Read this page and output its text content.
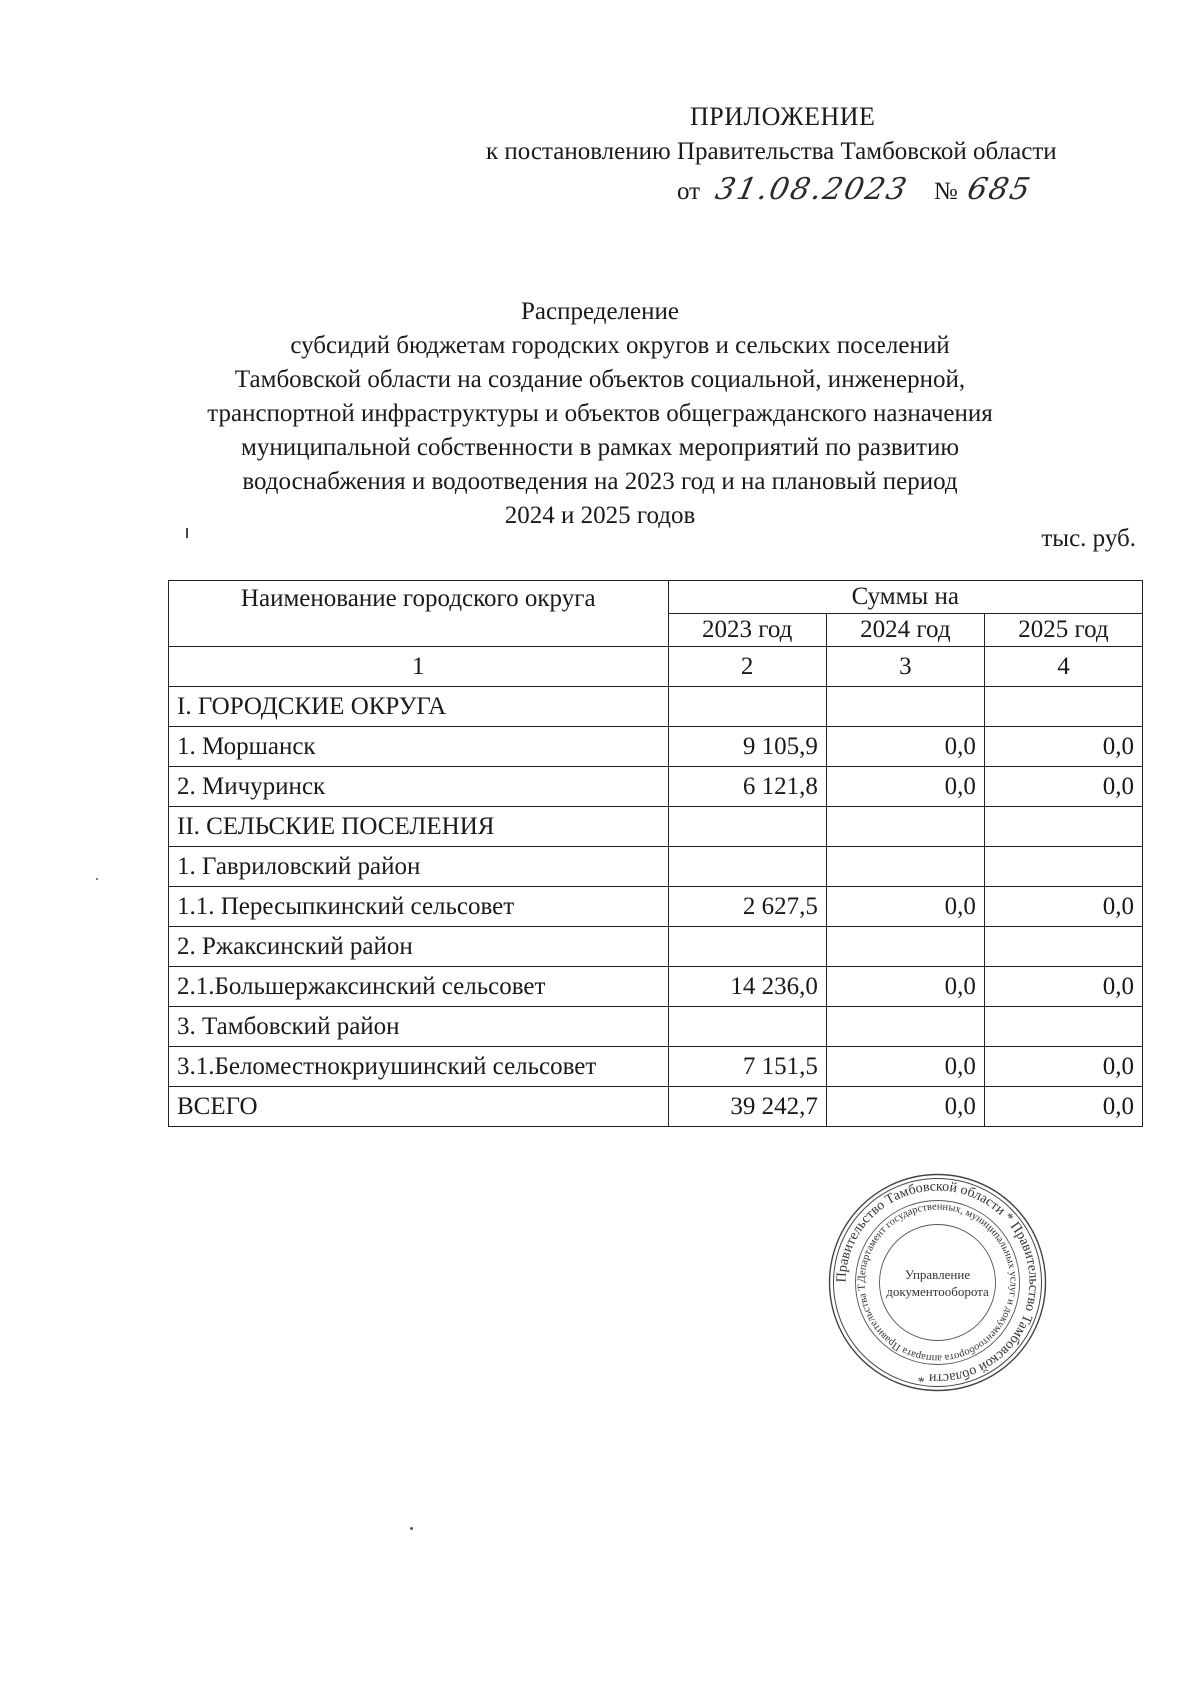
ПРИЛОЖЕНИЕ
к постановлению Правительства Тамбовской области
от 31.08.2023 № 685
Распределение
субсидий бюджетам городских округов и сельских поселений
Тамбовской области на создание объектов социальной, инженерной,
транспортной инфраструктуры и объектов общегражданского назначения
муниципальной собственности в рамках мероприятий по развитию
водоснабжения и водоотведения на 2023 год и на плановый период
2024 и 2025 годов
тыс. руб.
Наименование городского округа	Суммы на		
	2023 год	2024 год	2025 год
1	2	3	4
I. ГОРОДСКИЕ ОКРУГА			
1. Моршанск	9 105,9	0,0	0,0
2. Мичуринск	6 121,8	0,0	0,0
II. СЕЛЬСКИЕ ПОСЕЛЕНИЯ			
1. Гавриловский район			
1.1. Пересыпкинский сельсовет	2 627,5	0,0	0,0
2. Ржаксинский район			
2.1.Большержаксинский сельсовет	14 236,0	0,0	0,0
3. Тамбовский район			
3.1.Беломестнокриушинский сельсовет	7 151,5	0,0	0,0
ВСЕГО	39 242,7	0,0	0,0
Правительство Тамбовской области * Правительство Тамбовской области *
Департамент государственных, муниципальных услуг и документооборота аппарата Правительства Т
Управление
документооборота
